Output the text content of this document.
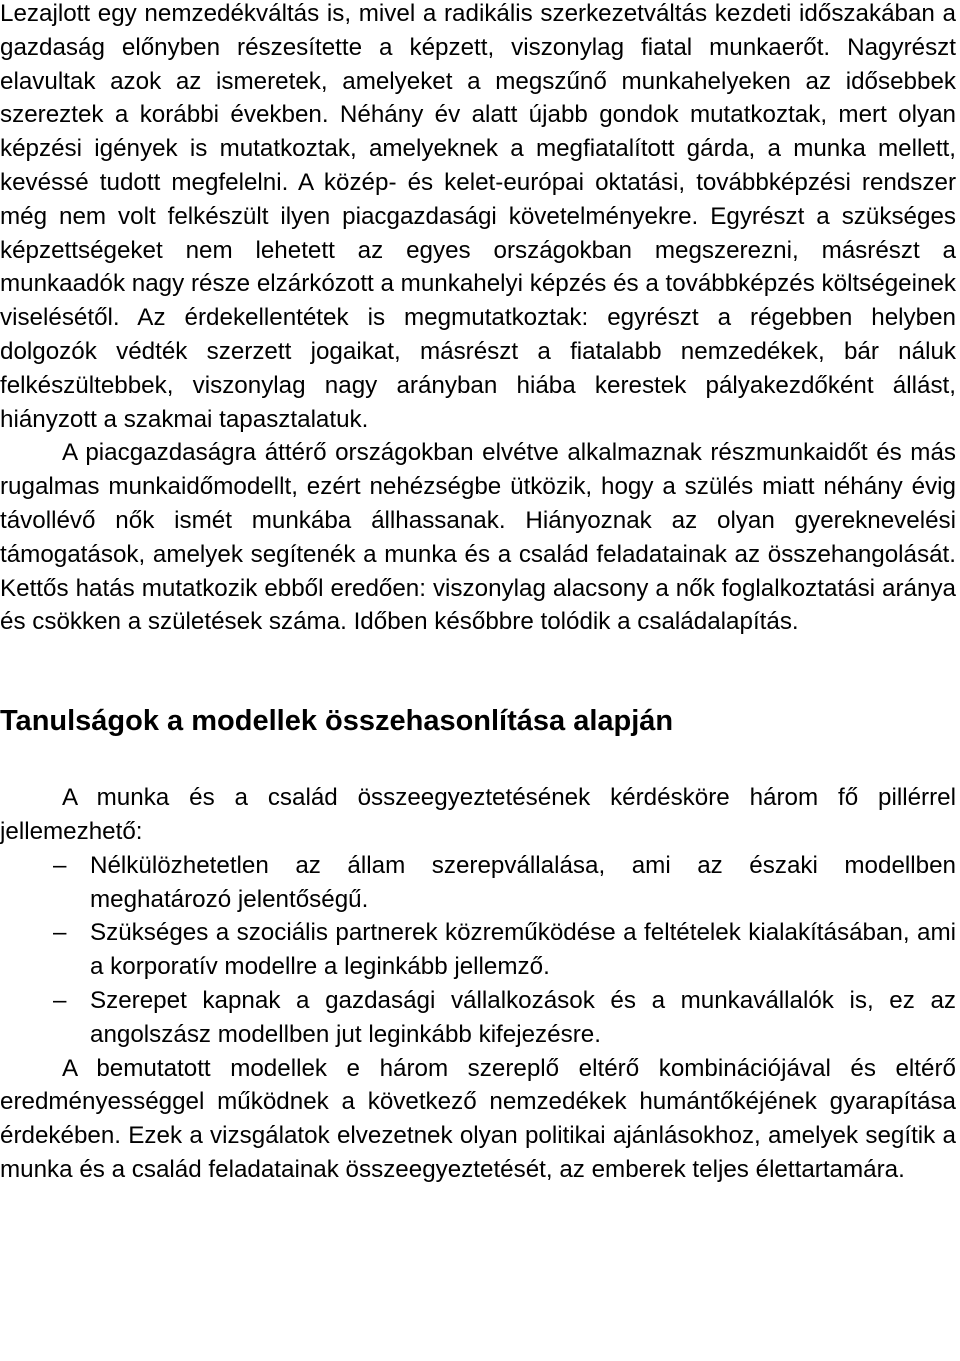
Lezajlott egy nemzedékváltás is, mivel a radikális szerkezetváltás kezdeti időszakában a gazdaság előnyben részesítette a képzett, viszonylag fiatal munkaerőt. Nagyrészt elavultak azok az ismeretek, amelyeket a megszűnő munkahelyeken az idősebbek szereztek a korábbi években. Néhány év alatt újabb gondok mutatkoztak, mert olyan képzési igények is mutatkoztak, amelyeknek a megfiatalított gárda, a munka mellett, kevéssé tudott megfelelni. A közép- és kelet-európai oktatási, továbbképzési rendszer még nem volt felkészült ilyen piacgazdasági követelményekre. Egyrészt a szükséges képzettségeket nem lehetett az egyes országokban megszerezni, másrészt a munkaadók nagy része elzárkózott a munkahelyi képzés és a továbbképzés költségeinek viselésétől. Az érdekellentétek is megmutatkoztak: egyrészt a régebben helyben dolgozók védték szerzett jogaikat, másrészt a fiatalabb nemzedékek, bár náluk felkészültebbek, viszonylag nagy arányban hiába kerestek pályakezdőként állást, hiányzott a szakmai tapasztalatuk.

A piacgazdaságra áttérő országokban elvétve alkalmaznak részmunkaidőt és más rugalmas munkaidőmodellt, ezért nehézségbe ütközik, hogy a szülés miatt néhány évig távollévő nők ismét munkába állhassanak. Hiányoznak az olyan gyereknevelési támogatások, amelyek segítenék a munka és a család feladatainak az összehangolását. Kettős hatás mutatkozik ebből eredően: viszonylag alacsony a nők foglalkoztatási aránya és csökken a születések száma. Időben későbbre tolódik a családalapítás.

Tanulságok a modellek összehasonlítása alapján

A munka és a család összeegyeztetésének kérdésköre három fő pillérrel jellemezhető:

– Nélkülözhetetlen az állam szerepvállalása, ami az északi modellben meghatározó jelentőségű.
– Szükséges a szociális partnerek közreműködése a feltételek kialakításában, ami a korporatív modellre a leginkább jellemző.
– Szerepet kapnak a gazdasági vállalkozások és a munkavállalók is, ez az angolszász modellben jut leginkább kifejezésre.

A bemutatott modellek e három szereplő eltérő kombinációjával és eltérő eredményességgel működnek a következő nemzedékek humántőkéjének gyarapítása érdekében. Ezek a vizsgálatok elvezetnek olyan politikai ajánlásokhoz, amelyek segítik a munka és a család feladatainak összeegyeztetését, az emberek teljes élettartamára.
